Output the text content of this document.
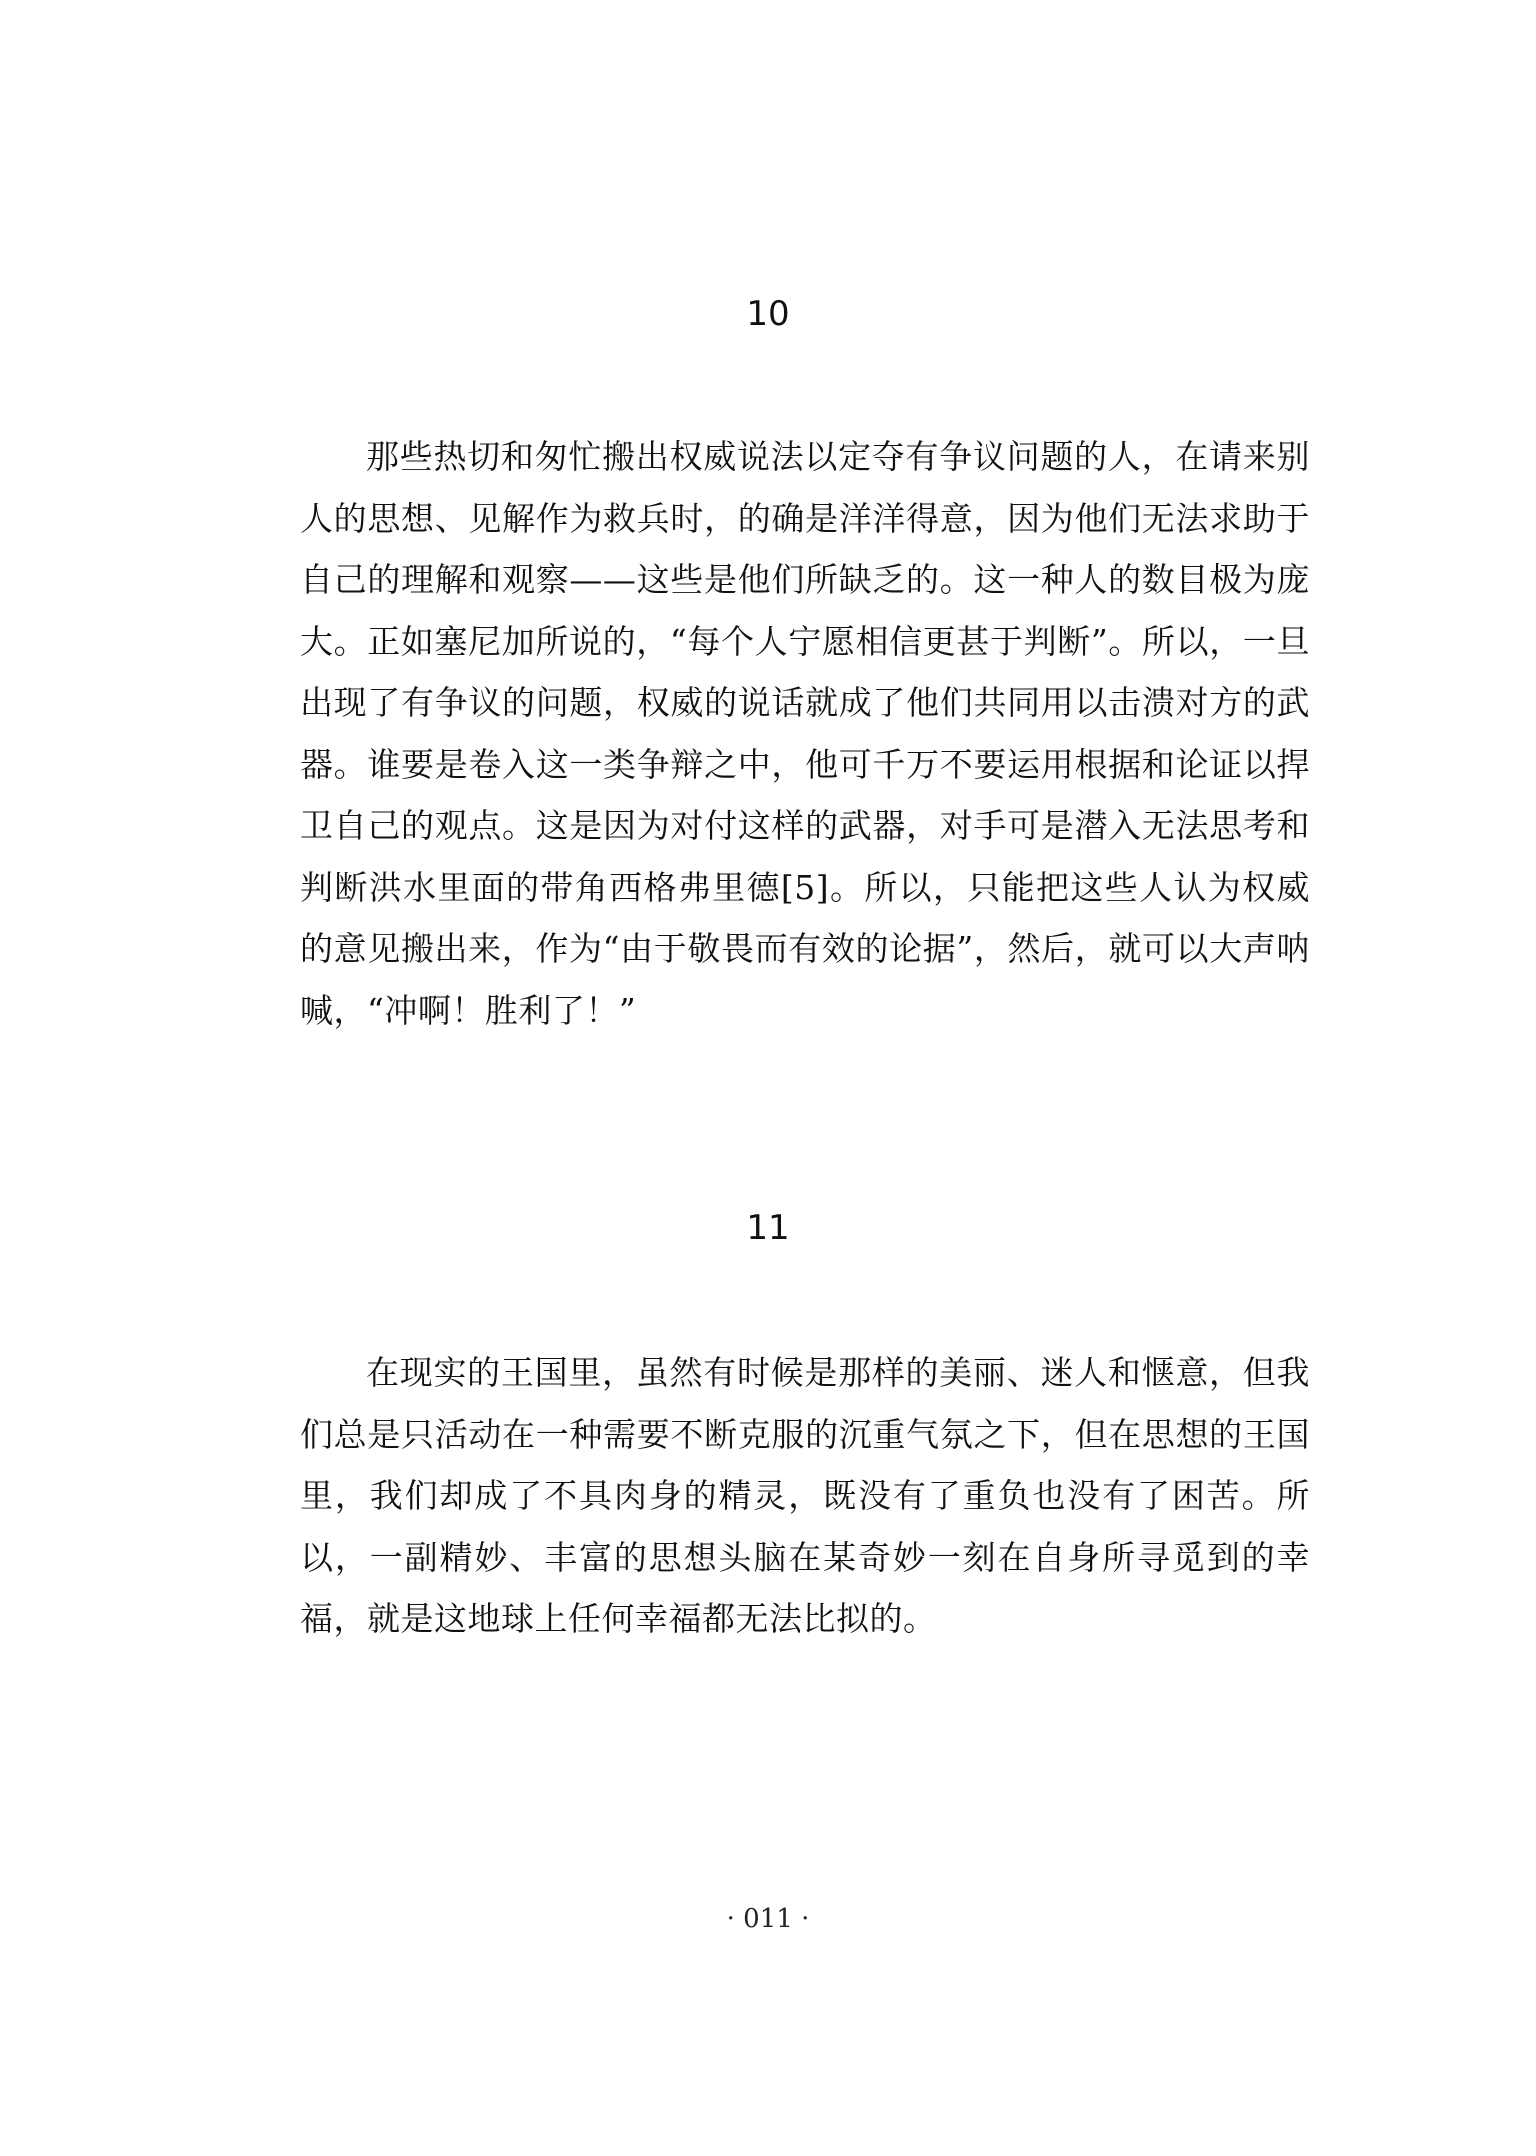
10

那些热切和匆忙搬出权威说法以定夺有争议问题的人，在请来别人的思想、见解作为救兵时，的确是洋洋得意，因为他们无法求助于自己的理解和观察——这些是他们所缺乏的。这一种人的数目极为庞大。正如塞尼加所说的，“每个人宁愿相信更甚于判断”。所以，一旦出现了有争议的问题，权威的说话就成了他们共同用以击溃对方的武器。谁要是卷入这一类争辩之中，他可千万不要运用根据和论证以捍卫自己的观点。这是因为对付这样的武器，对手可是潜入无法思考和判断洪水里面的带角西格弗里德[5]。所以，只能把这些人认为权威的意见搬出来，作为“由于敬畏而有效的论据”，然后，就可以大声呐喊，“冲啊！胜利了！”

11

在现实的王国里，虽然有时候是那样的美丽、迷人和惬意，但我们总是只活动在一种需要不断克服的沉重气氛之下，但在思想的王国里，我们却成了不具肉身的精灵，既没有了重负也没有了困苦。所以，一副精妙、丰富的思想头脑在某奇妙一刻在自身所寻觅到的幸福，就是这地球上任何幸福都无法比拟的。

· 011 ·
